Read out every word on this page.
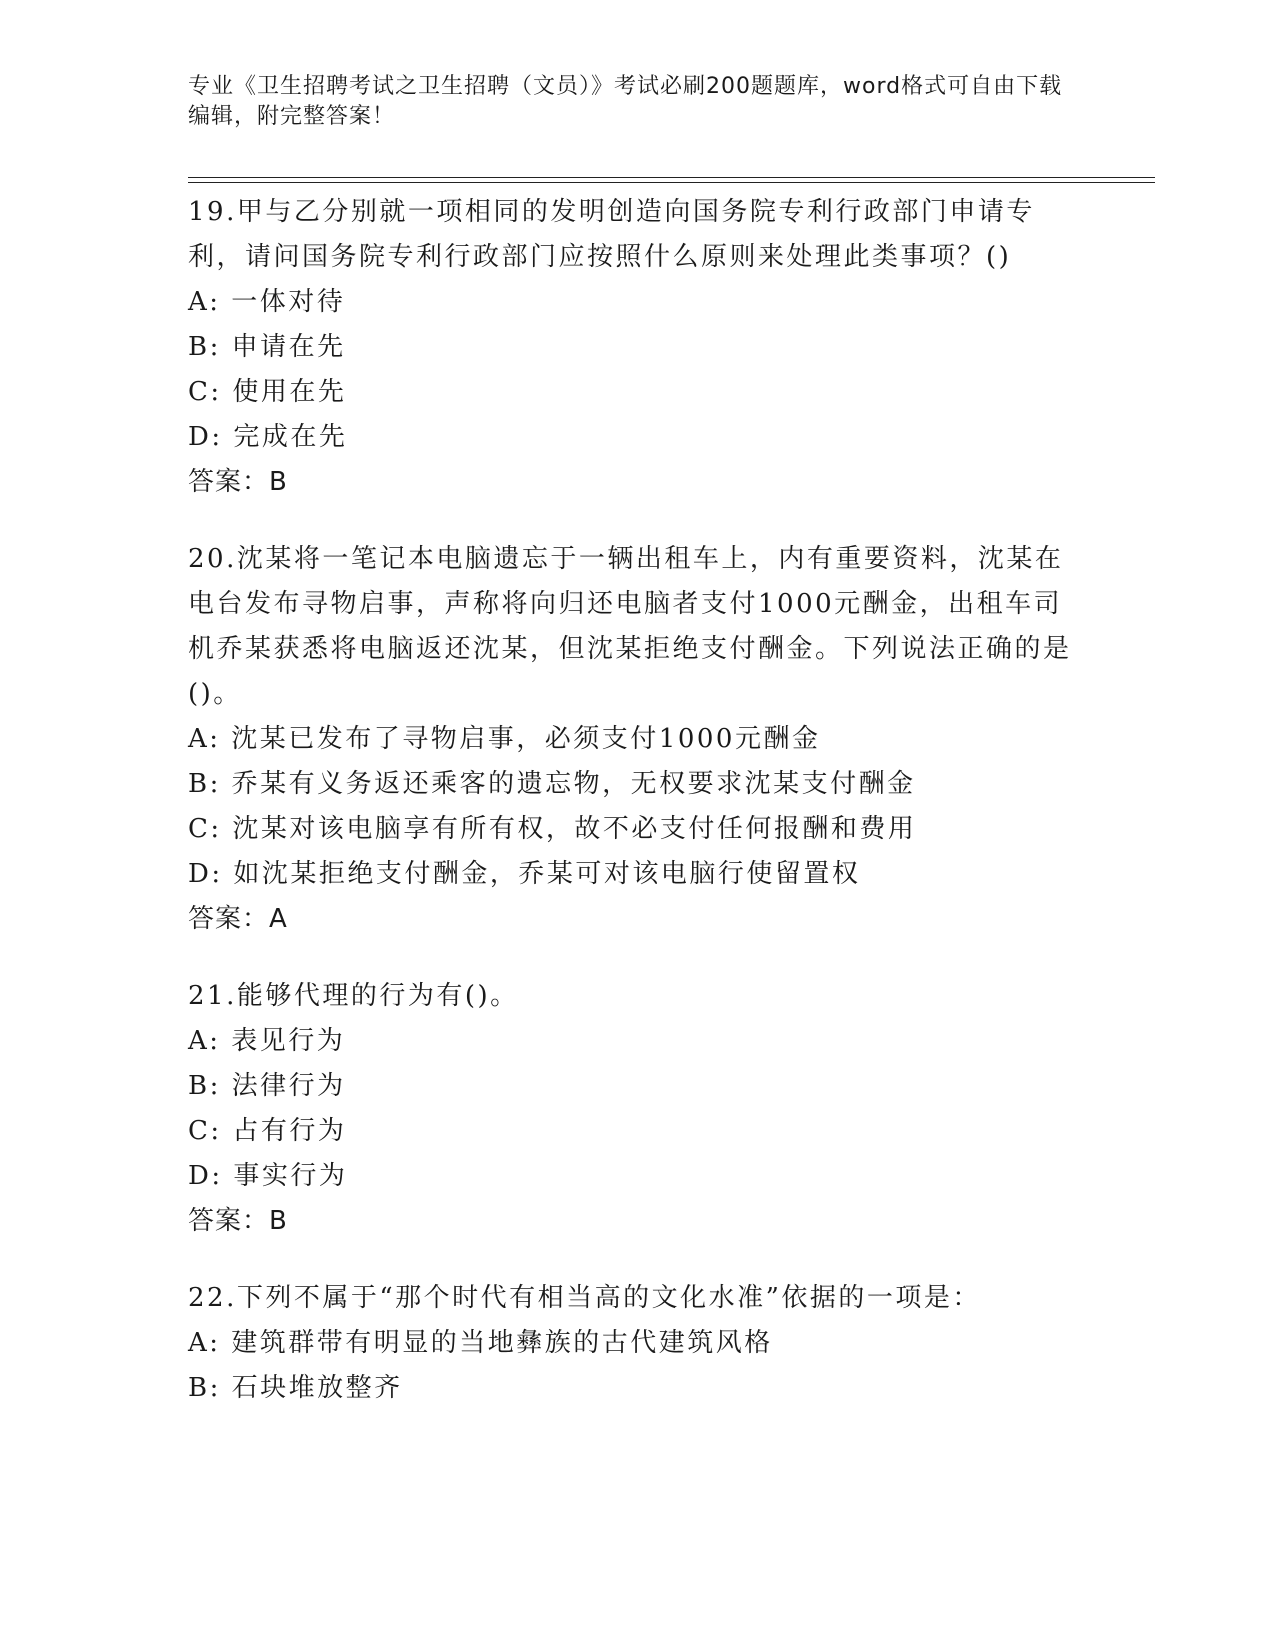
专业《卫生招聘考试之卫生招聘（文员）》考试必刷200题题库，word格式可自由下载编辑，附完整答案！
19.甲与乙分别就一项相同的发明创造向国务院专利行政部门申请专利，请问国务院专利行政部门应按照什么原则来处理此类事项？()
A: 一体对待
B: 申请在先
C: 使用在先
D: 完成在先
答案：B
20.沈某将一笔记本电脑遗忘于一辆出租车上，内有重要资料，沈某在电台发布寻物启事，声称将向归还电脑者支付1000元酬金，出租车司机乔某获悉将电脑返还沈某，但沈某拒绝支付酬金。下列说法正确的是()。
A: 沈某已发布了寻物启事，必须支付1000元酬金
B: 乔某有义务返还乘客的遗忘物，无权要求沈某支付酬金
C: 沈某对该电脑享有所有权，故不必支付任何报酬和费用
D: 如沈某拒绝支付酬金，乔某可对该电脑行使留置权
答案：A
21.能够代理的行为有()。
A: 表见行为
B: 法律行为
C: 占有行为
D: 事实行为
答案：B
22.下列不属于“那个时代有相当高的文化水准”依据的一项是：
A: 建筑群带有明显的当地彝族的古代建筑风格
B: 石块堆放整齐
